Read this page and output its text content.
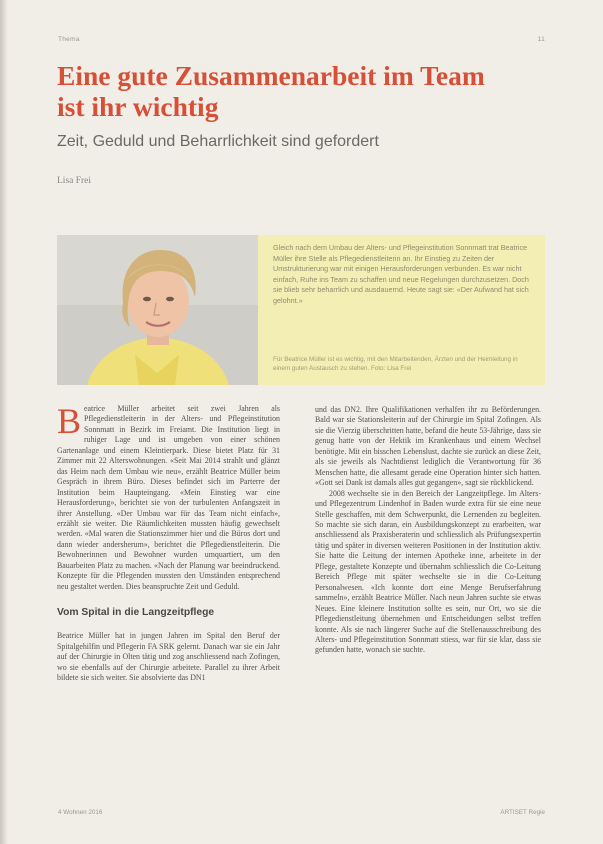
Thema	11
Eine gute Zusammenarbeit im Team
ist ihr wichtig
Zeit, Geduld und Beharrlichkeit sind gefordert
Lisa Frei

Gleich nach dem Umbau der Alters- und Pflegeinstitution Sonnmatt trat Beatrice Müller ihre Stelle als Pflegedienstleiterin an. Ihr Einstieg zu Zeiten der Umstrukturierung war mit einigen Herausforderungen verbunden. Es war nicht einfach, Ruhe ins Team zu schaffen und neue Regelungen durchzusetzen. Doch sie blieb sehr beharrlich und ausdauernd. Heute sagt sie: «Der Aufwand hat sich gelohnt.»

Für Beatrice Müller ist es wichtig, mit den Mitarbeitenden, Ärzten und der Heimleitung in einem guten Austausch zu stehen. Foto: Lisa Frei

Beatrice Müller arbeitet seit zwei Jahren als Pflegedienstleiterin in der Alters- und Pflegeinstitution Sonnmatt in Bezirk im Freiamt. Die Institution liegt in ruhiger Lage und ist umgeben von einer schönen Gartenanlage und einem Kleintierpark. Diese bietet Platz für 31 Zimmer mit 22 Alterswohnungen. «Seit Mai 2014 strahlt und glänzt das Heim nach dem Umbau wie neu», erzählt Beatrice Müller beim Gespräch in ihrem Büro. Dieses befindet sich im Parterre der Institution beim Haupteingang. «Mein Einstieg war eine Herausforderung», berichtet sie von der turbulenten Anfangszeit in ihrer Anstellung. «Der Umbau war für das Team nicht einfach», erzählt sie weiter. Die Räumlichkeiten mussten häufig gewechselt werden. «Mal waren die Stationszimmer hier und die Büros dort und dann wieder andersherum», berichtet die Pflegedienstleiterin. Die Bewohnerinnen und Bewohner wurden umquartiert, um den Bauarbeiten Platz zu machen. «Nach der Planung war beeindruckend. Konzepte für die Pflegenden mussten den Umständen entsprechend neu gestaltet werden. Dies beanspruchte Zeit und Geduld.

Vom Spital in die Langzeitpflege

Beatrice Müller hat in jungen Jahren im Spital den Beruf der Spitalgehilfin und Pflegerin FA SRK gelernt. Danach war sie ein Jahr auf der Chirurgie in Olten tätig und zog anschliessend nach Zofingen, wo sie ebenfalls auf der Chirurgie arbeitete. Parallel zu ihrer Arbeit bildete sie sich weiter. Sie absolvierte das DN1

und das DN2. Ihre Qualifikationen verhalfen ihr zu Beförderungen. Bald war sie Stationsleiterin auf der Chirurgie im Spital Zofingen. Als sie die Vierzig überschritten hatte, befand die heute 53-Jährige, dass sie genug hatte von der Hektik im Krankenhaus und einem Wechsel benötigte. Mit ein bisschen Lebenslust, dachte sie zurück an diese Zeit, als sie jeweils als Nachtdienst lediglich die Verantwortung für 36 Menschen hatte, die allesamt gerade eine Operation hinter sich hatten. «Gott sei Dank ist damals alles gut gegangen», sagt sie rückblickend.

2008 wechselte sie in den Bereich der Langzeitpflege. Im Alters- und Pflegezentrum Lindenhof in Baden wurde extra für sie eine neue Stelle geschaffen, mit dem Schwerpunkt, die Lernenden zu begleiten. So machte sie sich daran, ein Ausbildungskonzept zu erarbeiten, war anschliessend als Praxisberaterin und schliesslich als Prüfungsexpertin tätig und später in diversen weiteren Positionen in der Institution aktiv. Sie hatte die Leitung der internen Apotheke inne, arbeitete in der Pflege, gestaltete Konzepte und übernahm schliesslich die Co-Leitung Bereich Pflege mit später wechselte sie in die Co-Leitung Personalwesen. «Ich konnte dort eine Menge Berufserfahrung sammeln», erzählt Beatrice Müller. Nach neun Jahren suchte sie etwas Neues. Eine kleinere Institution sollte es sein, nur Ort, wo sie die Pflegedienstleitung übernehmen und Entscheidungen selbst treffen konnte. Als sie nach längerer Suche auf die Stellenausschreibung des Alters- und Pflegeinstitution Sonnmatt stiess, war für sie klar, dass sie gefunden hatte, wonach sie suchte.

4 Wohnen 2016	ARTISET Regie
